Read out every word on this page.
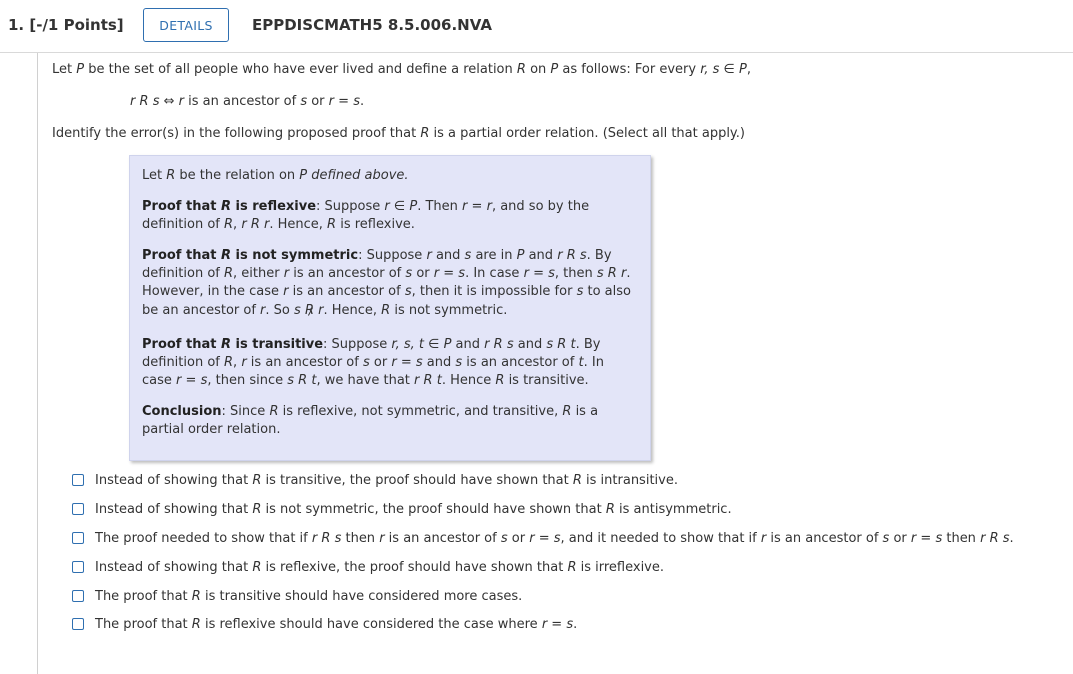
1. [-/1 Points]	DETAILS	EPPDISCMATH5 8.5.006.NVA
Let P be the set of all people who have ever lived and define a relation R on P as follows: For every r, s ∈ P,
r R s ⇔ r is an ancestor of s or r = s.
Identify the error(s) in the following proposed proof that R is a partial order relation. (Select all that apply.)
Let R be the relation on P defined above.
Proof that R is reflexive: Suppose r ∈ P. Then r = r, and so by the
definition of R, r R r. Hence, R is reflexive.
Proof that R is not symmetric: Suppose r and s are in P and r R s. By
definition of R, either r is an ancestor of s or r = s. In case r = s, then s R r.
However, in the case r is an ancestor of s, then it is impossible for s to also
be an ancestor of r. So s R r. Hence, R is not symmetric.
Proof that R is transitive: Suppose r, s, t ∈ P and r R s and s R t. By
definition of R, r is an ancestor of s or r = s and s is an ancestor of t. In
case r = s, then since s R t, we have that r R t. Hence R is transitive.
Conclusion: Since R is reflexive, not symmetric, and transitive, R is a
partial order relation.
Instead of showing that R is transitive, the proof should have shown that R is intransitive.
Instead of showing that R is not symmetric, the proof should have shown that R is antisymmetric.
The proof needed to show that if r R s then r is an ancestor of s or r = s, and it needed to show that if r is an ancestor of s or r = s then r R s.
Instead of showing that R is reflexive, the proof should have shown that R is irreflexive.
The proof that R is transitive should have considered more cases.
The proof that R is reflexive should have considered the case where r = s.
